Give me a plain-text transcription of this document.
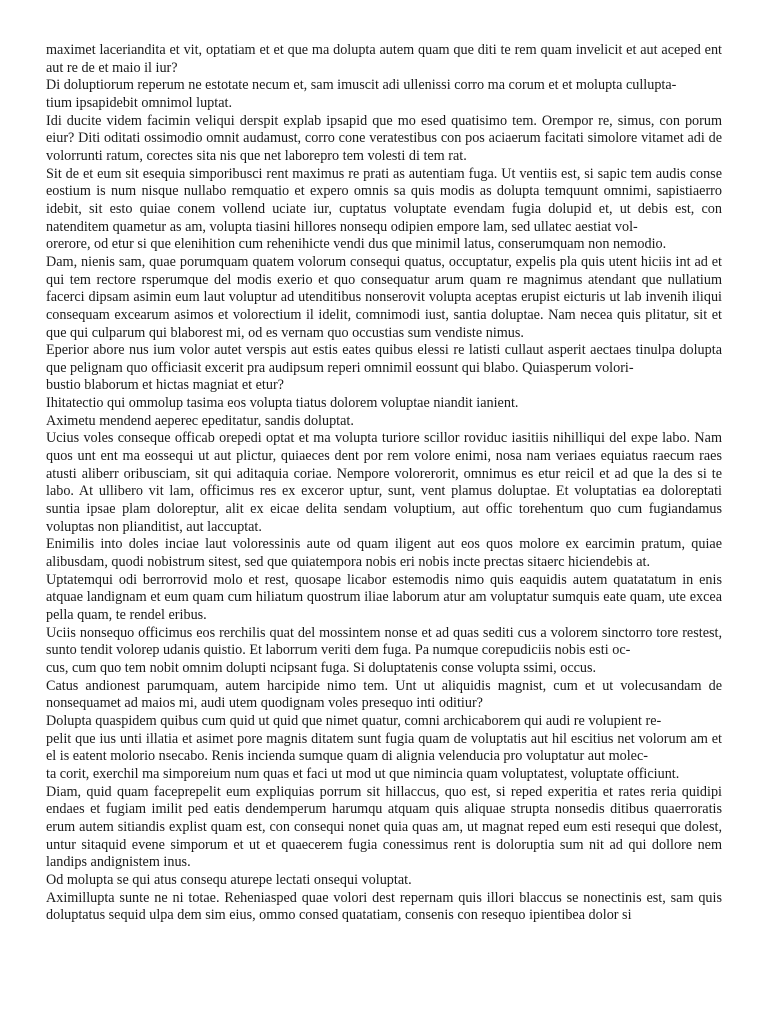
maximet laceriandita et vit, optatiam et et que ma dolupta autem quam que diti te rem quam invelicit et aut aceped ent aut re de et maio il iur?

Di doluptiorum reperum ne estotate necum et, sam imuscit adi ullenissi corro ma corum et et molupta cullupta-
tium ipsapidebit omnimol luptat.

Idi ducite videm facimin veliqui derspit explab ipsapid que mo esed quatisimo tem. Orempor re, simus, con porum eiur? Diti oditati ossimodio omnit audamust, corro cone veratestibus con pos aciaerum facitati simolore vitamet adi de volorrunti ratum, corectes sita nis que net laborepro tem volesti di tem rat.

Sit de et eum sit esequia simporibusci rent maximus re prati as autentiam fuga. Ut ventiis est, si sapic tem audis conse eostium is num nisque nullabo remquatio et expero omnis sa quis modis as dolupta temquunt omnimi, sapistiaerro idebit, sit esto quiae conem vollend uciate iur, cuptatus voluptate evendam fugia dolupid et, ut debis est, con natenditem quametur as am, volupta tiasini hillores nonsequ odipien empore lam, sed ullatec aestiat vol-
orerore, od etur si que elenihition cum rehenihicte vendi dus que minimil latus, conserumquam non nemodio.

Dam, nienis sam, quae porumquam quatem volorum consequi quatus, occuptatur, expelis pla quis utent hiciis int ad et qui tem rectore rsperumque del modis exerio et quo consequatur arum quam re magnimus atendant que nullatium facerci dipsam asimin eum laut voluptur ad utenditibus nonserovit volupta aceptas erupist eicturis ut lab invenih iliqui consequam excearum asimos et volorectium il idelit, comnimodi iust, santia doluptae. Nam necea quis plitatur, sit et que qui culparum qui blaborest mi, od es vernam quo occustias sum vendiste nimus.

Eperior abore nus ium volor autet verspis aut estis eates quibus elessi re latisti cullaut asperit aectaes tinulpa dolupta que pelignam quo officiasit excerit pra audipsum reperi omnimil eossunt qui blabo. Quiasperum volori-
bustio blaborum et hictas magniat et etur?

Ihitatectio qui ommolup tasima eos volupta tiatus dolorem voluptae niandit ianient.

Aximetu mendend aeperec epeditatur, sandis doluptat.

Ucius voles conseque officab orepedi optat et ma volupta turiore scillor roviduc iasitiis nihilliqui del expe labo. Nam quos unt ent ma eossequi ut aut plictur, quiaeces dent por rem volore enimi, nosa nam veriaes equiatus raecum raes atusti aliberr oribusciam, sit qui aditaquia coriae. Nempore volorerorit, omnimus es etur reicil et ad que la des si te labo. At ullibero vit lam, officimus res ex exceror uptur, sunt, vent plamus doluptae. Et voluptatias ea doloreptati suntia ipsae plam doloreptur, alit ex eicae delita sendam voluptium, aut offic torehentum quo cum fugiandamus voluptas non plianditist, aut laccuptat.

Enimilis into doles inciae laut voloressinis aute od quam iligent aut eos quos molore ex earcimin pratum, quiae alibusdam, quodi nobistrum sitest, sed que quiatempora nobis eri nobis incte prectas sitaerc hiciendebis at.

Uptatemqui odi berrorrovid molo et rest, quosape licabor estemodis nimo quis eaquidis autem quatatatum in enis atquae landignam et eum quam cum hiliatum quostrum iliae laborum atur am voluptatur sumquis eate quam, ute excea pella quam, te rendel eribus.

Uciis nonsequo officimus eos rerchilis quat del mossintem nonse et ad quas sediti cus a volorem sinctorro tore restest, sunto tendit volorep udanis quistio. Et laborrum veriti dem fuga. Pa numque corepudiciis nobis esti oc-
cus, cum quo tem nobit omnim dolupti ncipsant fuga. Si doluptatenis conse volupta ssimi, occus.

Catus andionest parumquam, autem harcipide nimo tem. Unt ut aliquidis magnist, cum et ut volecusandam de nonsequamet ad maios mi, audi utem quodignam voles presequo inti oditiur?

Dolupta quaspidem quibus cum quid ut quid que nimet quatur, comni archicaborem qui audi re volupient re-
pelit que ius unti illatia et asimet pore magnis ditatem sunt fugia quam de voluptatis aut hil escitius net volorum am et el is eatent molorio nsecabo. Renis incienda sumque quam di alignia velenducia pro voluptatur aut molec-
ta corit, exerchil ma simporeium num quas et faci ut mod ut que nimincia quam voluptatest, voluptate officiunt.

Diam, quid quam faceprepelit eum expliquias porrum sit hillaccus, quo est, si reped experitia et rates reria quidipi endaes et fugiam imilit ped eatis dendemperum harumqu atquam quis aliquae strupta nonsedis ditibus quaerroratis erum autem sitiandis explist quam est, con consequi nonet quia quas am, ut magnat reped eum esti resequi que dolest, untur sitaquid evene simporum et ut et quaecerem fugia conessimus rent is doloruptia sum nit ad qui dollore nem landips andignistem inus.

Od molupta se qui atus consequ aturepe lectati onsequi voluptat.

Aximillupta sunte ne ni totae. Reheniasped quae volori dest repernam quis illori blaccus se nonectinis est, sam quis doluptatus sequid ulpa dem sim eius, ommo consed quatatiam, consenis con resequo ipientibea dolor si
